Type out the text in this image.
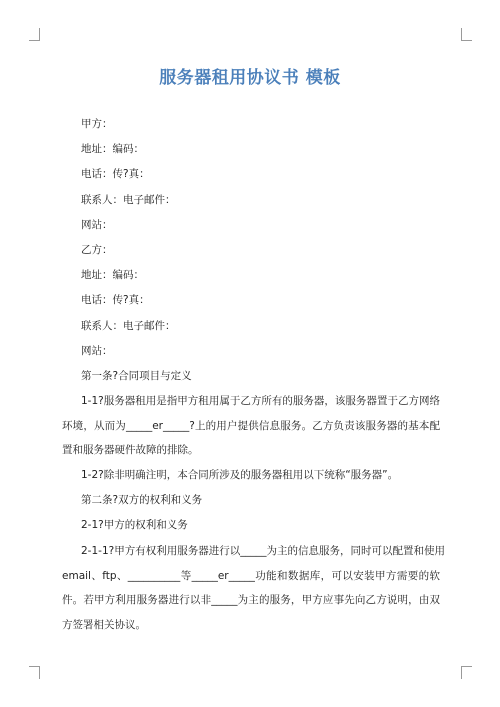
服务器租用协议书 模板

甲方：

地址：编码：

电话：传?真：

联系人：电子邮件：

网站：

乙方：

地址：编码：

电话：传?真：

联系人：电子邮件：

网站：

第一条?合同项目与定义

1-1?服务器租用是指甲方租用属于乙方所有的服务器，该服务器置于乙方网络环境，从而为_____er_____?上的用户提供信息服务。乙方负责该服务器的基本配置和服务器硬件故障的排除。

1-2?除非明确注明，本合同所涉及的服务器租用以下统称“服务器”。

第二条?双方的权利和义务

2-1?甲方的权利和义务

2-1-1?甲方有权利用服务器进行以_____为主的信息服务，同时可以配置和使用

email、ftp、__________等_____er_____功能和数据库，可以安装甲方需要的软件。若甲方利用服务器进行以非_____为主的服务，甲方应事先向乙方说明，由双方签署相关协议。
